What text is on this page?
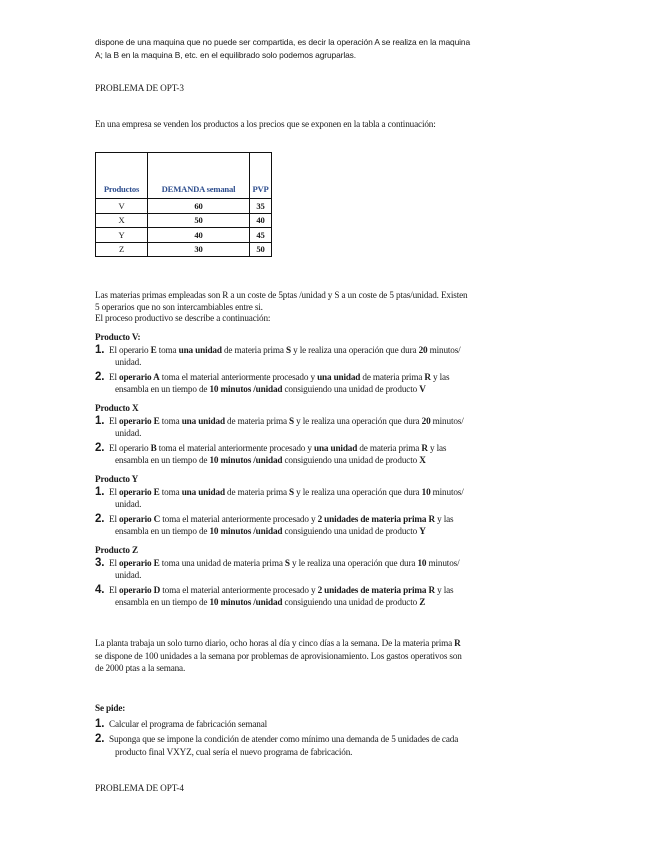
dispone de una maquina que no puede ser compartida, es decir la operación A se realiza en la maquina
A; la B en la maquina B, etc. en el equilibrado solo podemos agruparlas.
PROBLEMA DE OPT-3
En una empresa se venden los productos a los precios que se exponen en la tabla a continuación:
Productos	DEMANDA semanal	PVP
V	60	35
X	50	40
Y	40	45
Z	30	50
Las materias primas empleadas son R a un coste de 5ptas /unidad y S a un coste de 5 ptas/unidad. Existen
5 operarios que no son intercambiables entre si.
El proceso productivo se describe a continuación:
Producto V:
1. El operario E toma una unidad de materia prima S y le realiza una operación que dura 20 minutos/
unidad.
2. El operario A toma el material anteriormente procesado y una unidad de materia prima R y las
ensambla en un tiempo de 10 minutos /unidad consiguiendo una unidad de producto V
Producto X
1. El operario E toma una unidad de materia prima S y le realiza una operación que dura 20 minutos/
unidad.
2. El operario B toma el material anteriormente procesado y una unidad de materia prima R y las
ensambla en un tiempo de 10 minutos /unidad consiguiendo una unidad de producto X
Producto Y
1. El operario E toma una unidad de materia prima S y le realiza una operación que dura 10 minutos/
unidad.
2. El operario C toma el material anteriormente procesado y 2 unidades de materia prima R y las
ensambla en un tiempo de 10 minutos /unidad consiguiendo una unidad de producto Y
Producto Z
3. El operario E toma una unidad de materia prima S y le realiza una operación que dura 10 minutos/
unidad.
4. El operario D toma el material anteriormente procesado y 2 unidades de materia prima R y las
ensambla en un tiempo de 10 minutos /unidad consiguiendo una unidad de producto Z
La planta trabaja un solo turno diario, ocho horas al día y cinco días a la semana. De la materia prima R
se dispone de 100 unidades a la semana por problemas de aprovisionamiento. Los gastos operativos son
de 2000 ptas a la semana.
Se pide:
1. Calcular el programa de fabricación semanal
2. Suponga que se impone la condición de atender como mínimo una demanda de 5 unidades de cada
producto final VXYZ, cual sería el nuevo programa de fabricación.
PROBLEMA DE OPT-4
